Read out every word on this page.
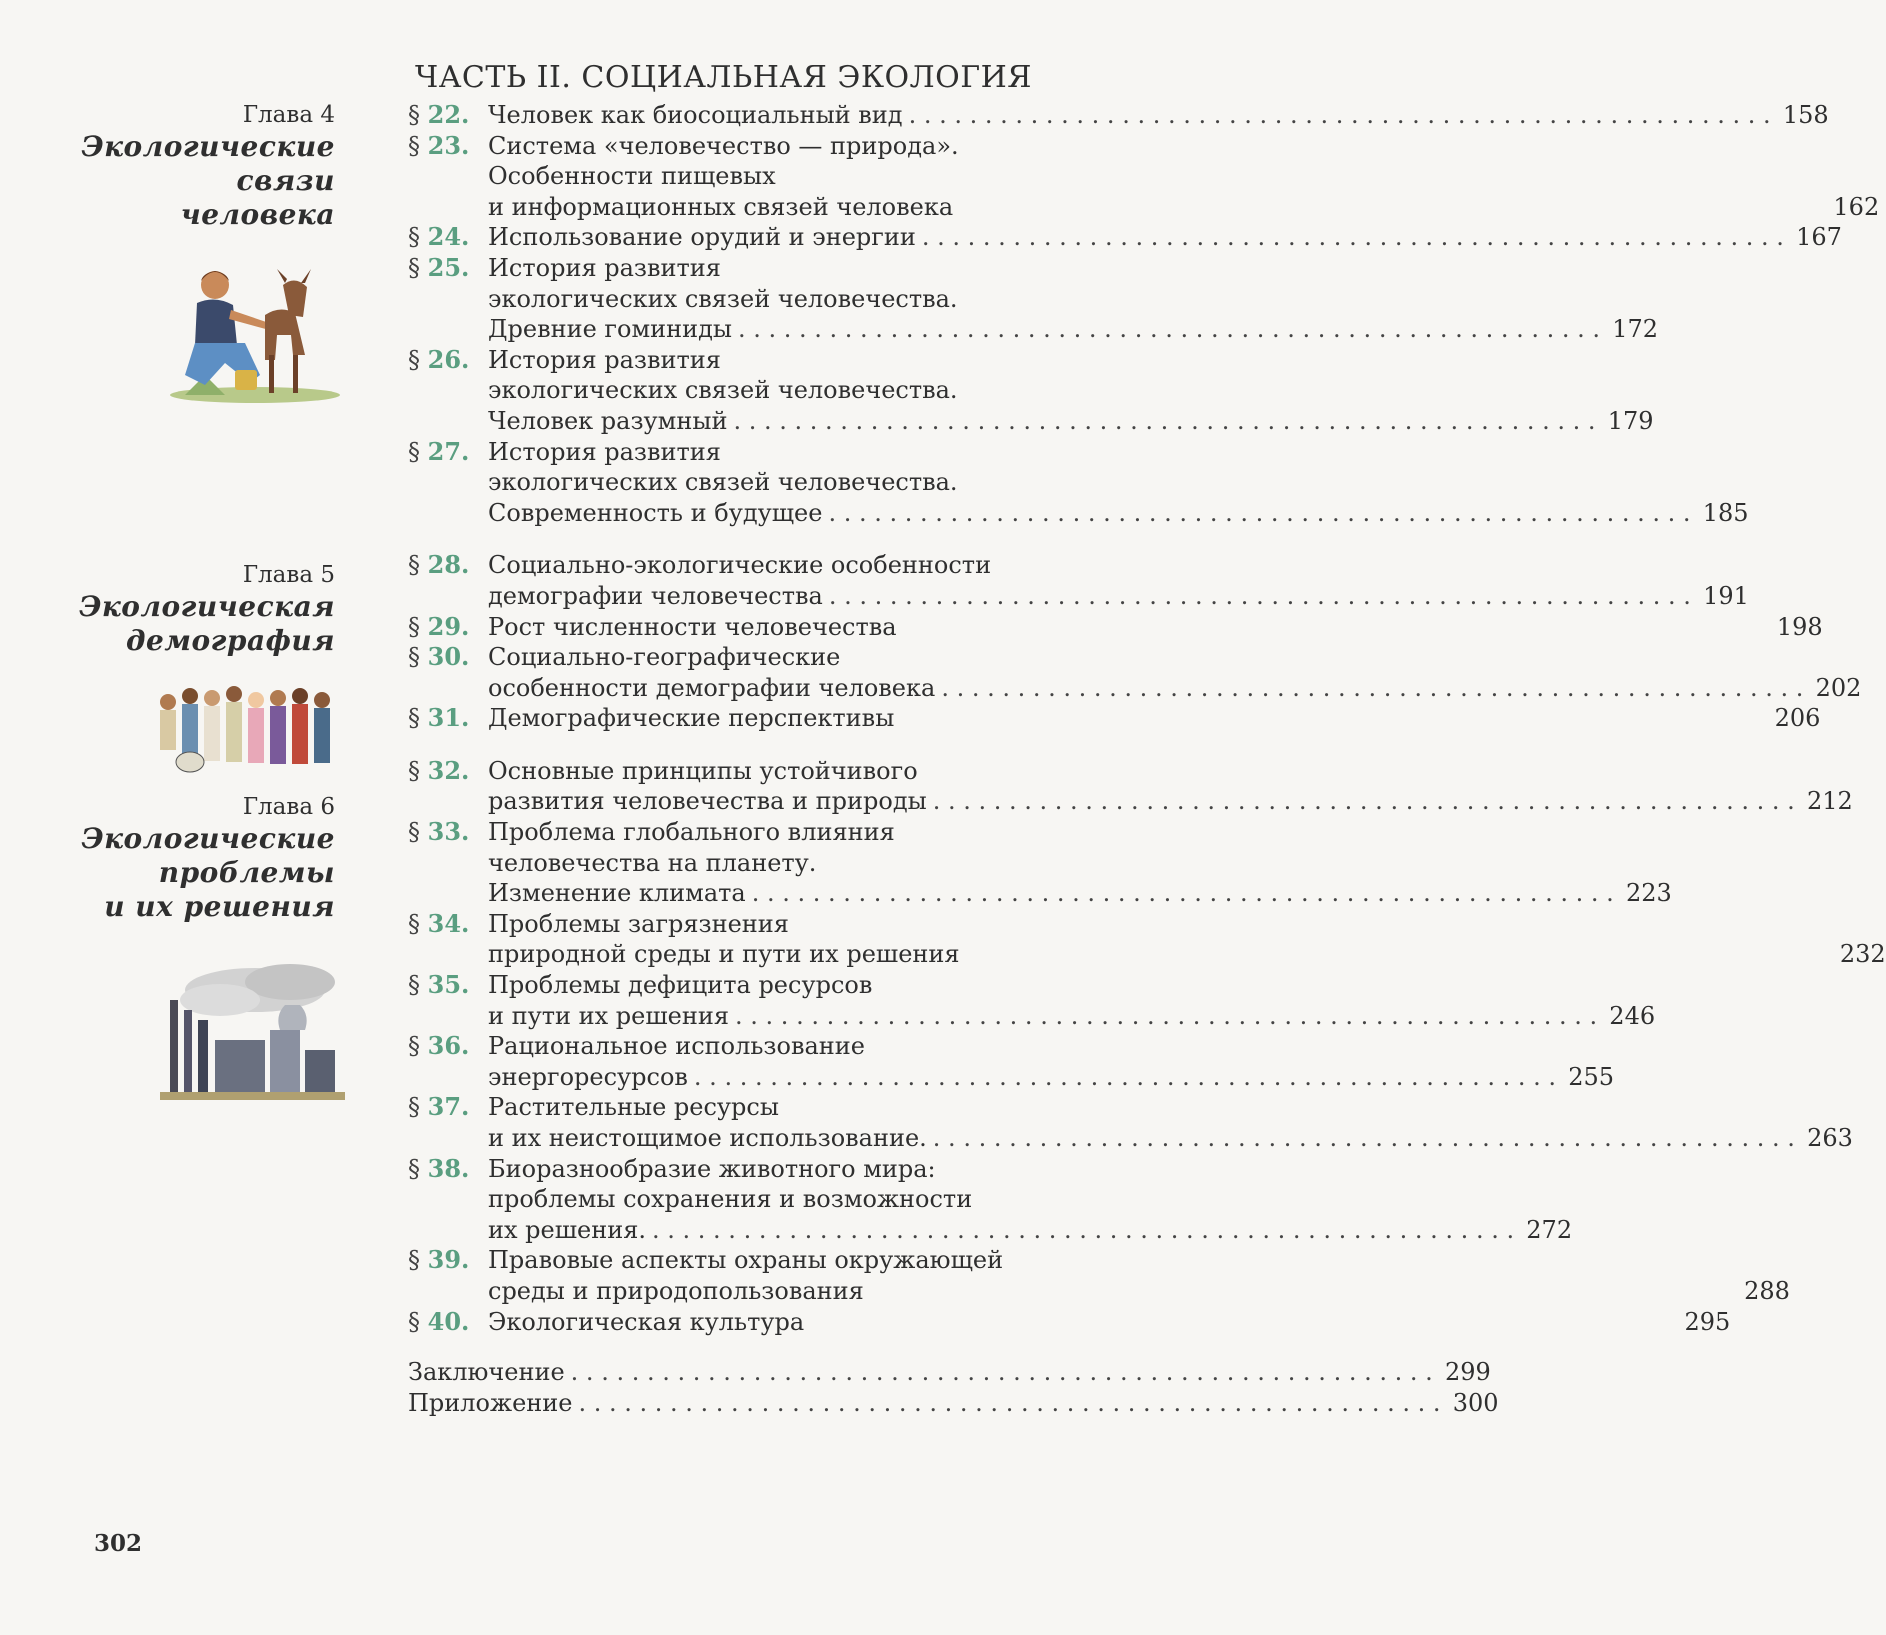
ЧАСТЬ II. СОЦИАЛЬНАЯ ЭКОЛОГИЯ
Глава 4
Экологические
связи
человека
Глава 5
Экологическая
демография
Глава 6
Экологические
проблемы
и их решения
§ 22. Человек как биосоциальный вид . . .	158
§ 23. Система «человечество — природа».
Особенности пищевых
и информационных связей человека	162
§ 24. Использование орудий и энергии . . .	167
§ 25. История развития
экологических связей человечества.
Древние гоминиды . . .	172
§ 26. История развития
экологических связей человечества.
Человек разумный . . .	179
§ 27. История развития
экологических связей человечества.
Современность и будущее . . .	185
§ 28. Социально-экологические особенности
демографии человечества . . .	191
§ 29. Рост численности человечества	198
§ 30. Социально-географические
особенности демографии человека . . .	202
§ 31. Демографические перспективы	206
§ 32. Основные принципы устойчивого
развития человечества и природы . . .	212
§ 33. Проблема глобального влияния
человечества на планету.
Изменение климата . . .	223
§ 34. Проблемы загрязнения
природной среды и пути их решения	232
§ 35. Проблемы дефицита ресурсов
и пути их решения . . .	246
§ 36. Рациональное использование
энергоресурсов . . .	255
§ 37. Растительные ресурсы
и их неистощимое использование. . . .	263
§ 38. Биоразнообразие животного мира:
проблемы сохранения и возможности
их решения. . . .	272
§ 39. Правовые аспекты охраны окружающей
среды и природопользования	288
§ 40. Экологическая культура	295
Заключение . . .	299
Приложение . . .	300
302
